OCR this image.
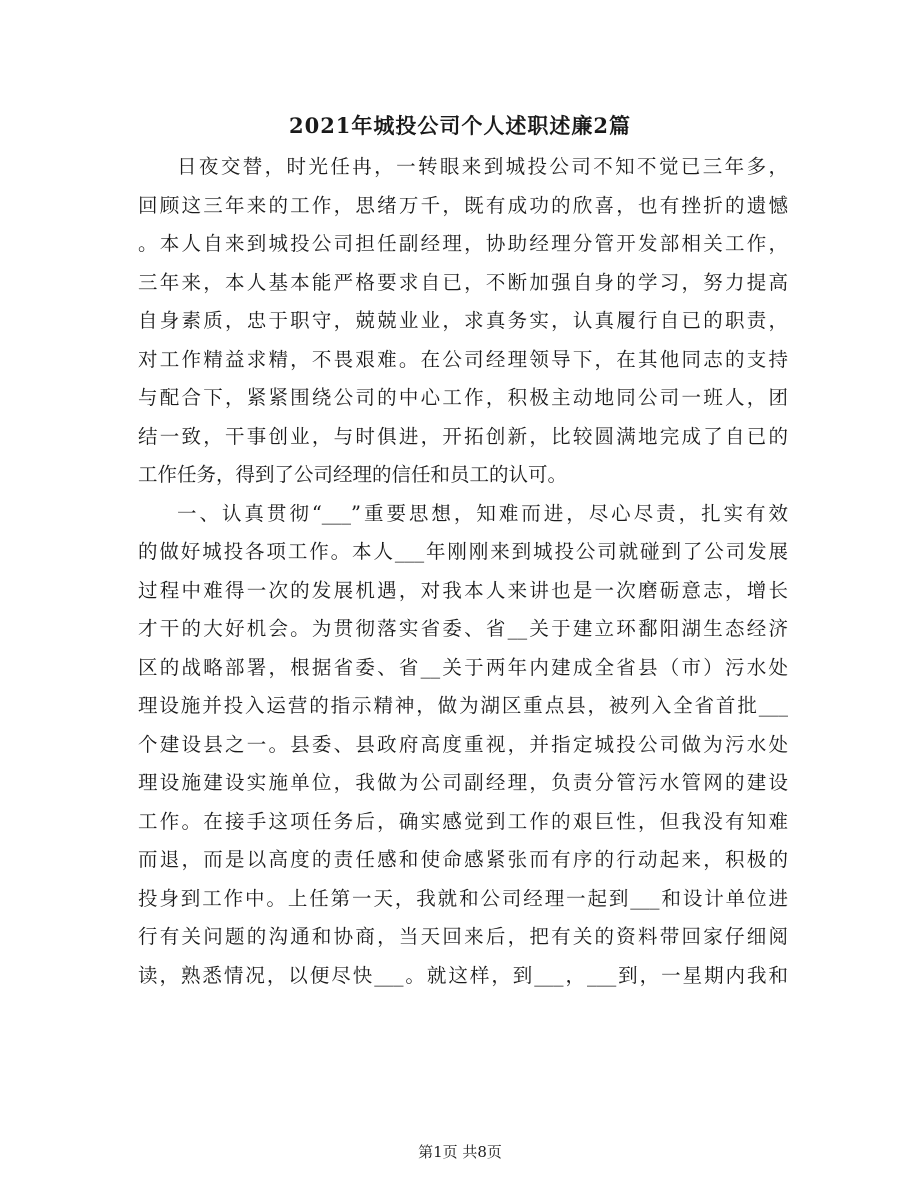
2021年城投公司个人述职述廉2篇
日夜交替，时光任冉，一转眼来到城投公司不知不觉已三年多，
回顾这三年来的工作，思绪万千，既有成功的欣喜，也有挫折的遗憾
。本人自来到城投公司担任副经理，协助经理分管开发部相关工作，
三年来，本人基本能严格要求自已，不断加强自身的学习，努力提高
自身素质，忠于职守，兢兢业业，求真务实，认真履行自已的职责，
对工作精益求精，不畏艰难。在公司经理领导下，在其他同志的支持
与配合下，紧紧围绕公司的中心工作，积极主动地同公司一班人，团
结一致，干事创业，与时俱进，开拓创新，比较圆满地完成了自已的
工作任务，得到了公司经理的信任和员工的认可。
一、认真贯彻“___”重要思想，知难而进，尽心尽责，扎实有效
的做好城投各项工作。本人___年刚刚来到城投公司就碰到了公司发展
过程中难得一次的发展机遇，对我本人来讲也是一次磨砺意志，增长
才干的大好机会。为贯彻落实省委、省__关于建立环鄱阳湖生态经济
区的战略部署，根据省委、省__关于两年内建成全省县（市）污水处
理设施并投入运营的指示精神，做为湖区重点县，被列入全省首批___
个建设县之一。县委、县政府高度重视，并指定城投公司做为污水处
理设施建设实施单位，我做为公司副经理，负责分管污水管网的建设
工作。在接手这项任务后，确实感觉到工作的艰巨性，但我没有知难
而退，而是以高度的责任感和使命感紧张而有序的行动起来，积极的
投身到工作中。上任第一天，我就和公司经理一起到___和设计单位进
行有关问题的沟通和协商，当天回来后，把有关的资料带回家仔细阅
读，熟悉情况，以便尽快___。就这样，到___，___到，一星期内我和
第1页 共8页
